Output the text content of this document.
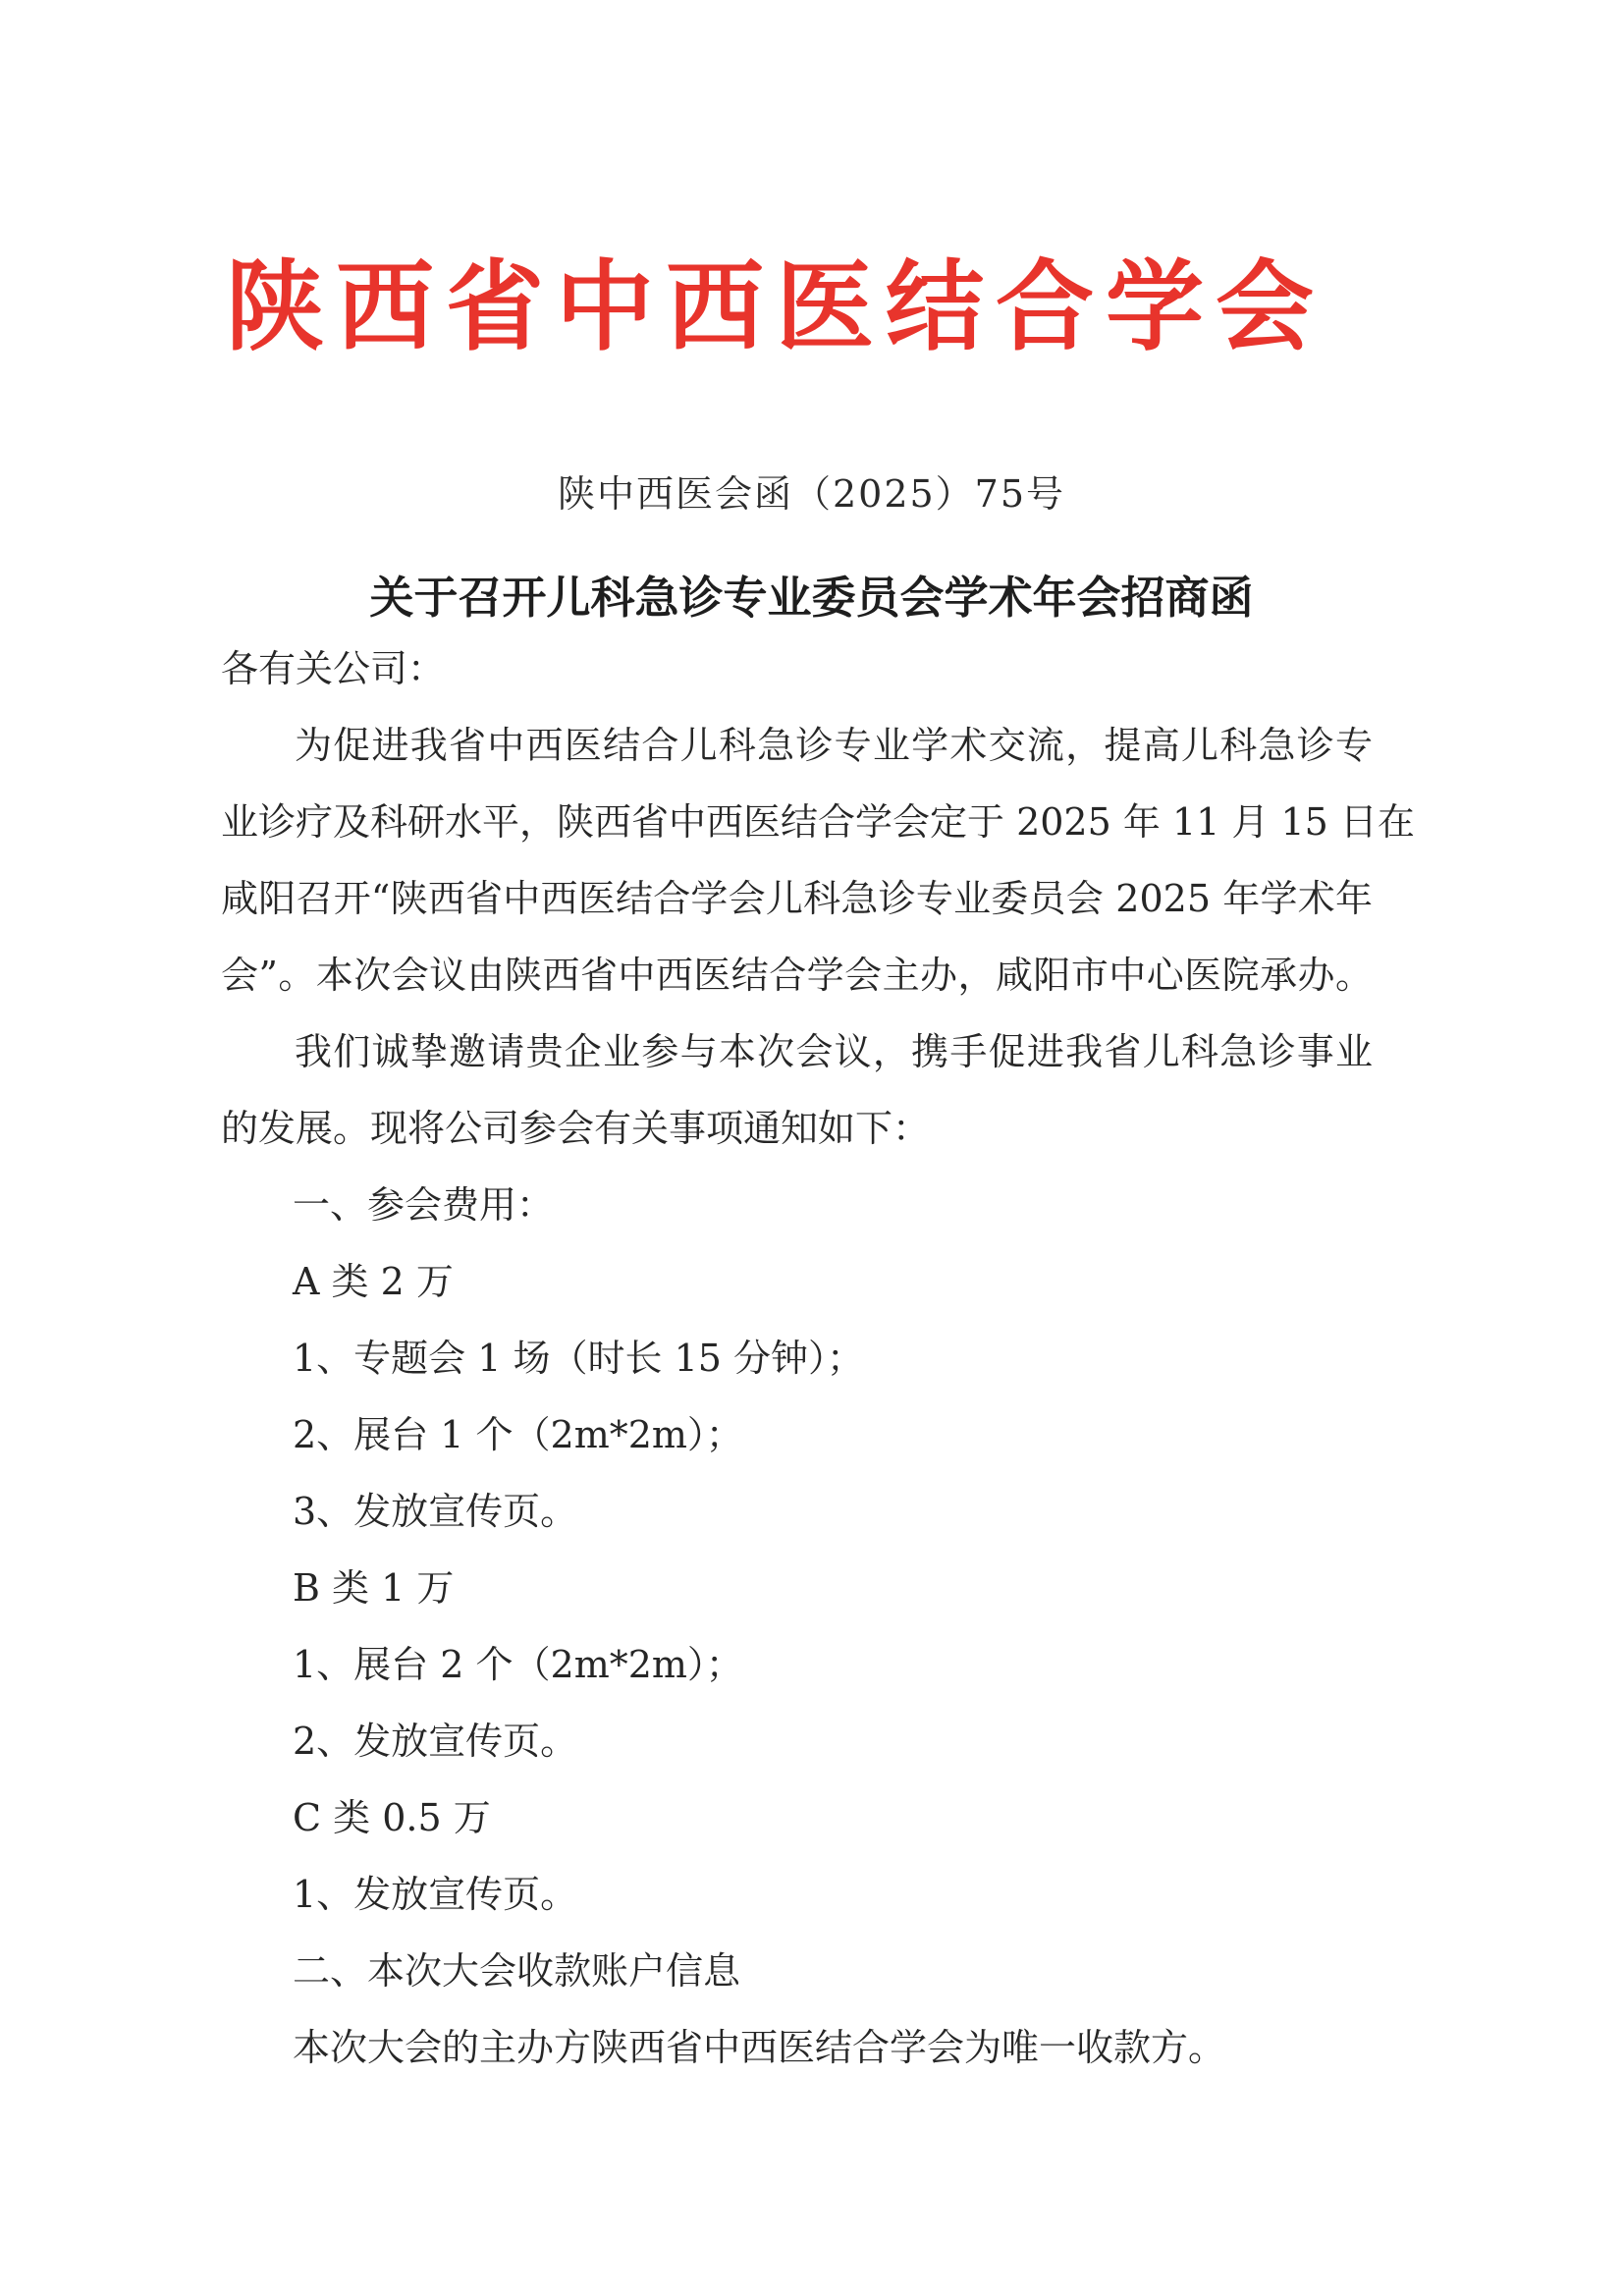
陕西省中西医结合学会
陕中西医会函（2025）75号
关于召开儿科急诊专业委员会学术年会招商函
各有关公司：
为促进我省中西医结合儿科急诊专业学术交流，提高儿科急诊专
业诊疗及科研水平，陕西省中西医结合学会定于 2025 年 11 月 15 日在
咸阳召开“陕西省中西医结合学会儿科急诊专业委员会 2025 年学术年
会”。本次会议由陕西省中西医结合学会主办，咸阳市中心医院承办。
我们诚挚邀请贵企业参与本次会议，携手促进我省儿科急诊事业
的发展。现将公司参会有关事项通知如下：
一、参会费用：
A 类 2 万
1、专题会 1 场（时长 15 分钟）；
2、展台 1 个（2m*2m）；
3、发放宣传页。
B 类 1 万
1、展台 2 个（2m*2m）；
2、发放宣传页。
C 类 0.5 万
1、发放宣传页。
二、本次大会收款账户信息
本次大会的主办方陕西省中西医结合学会为唯一收款方。
